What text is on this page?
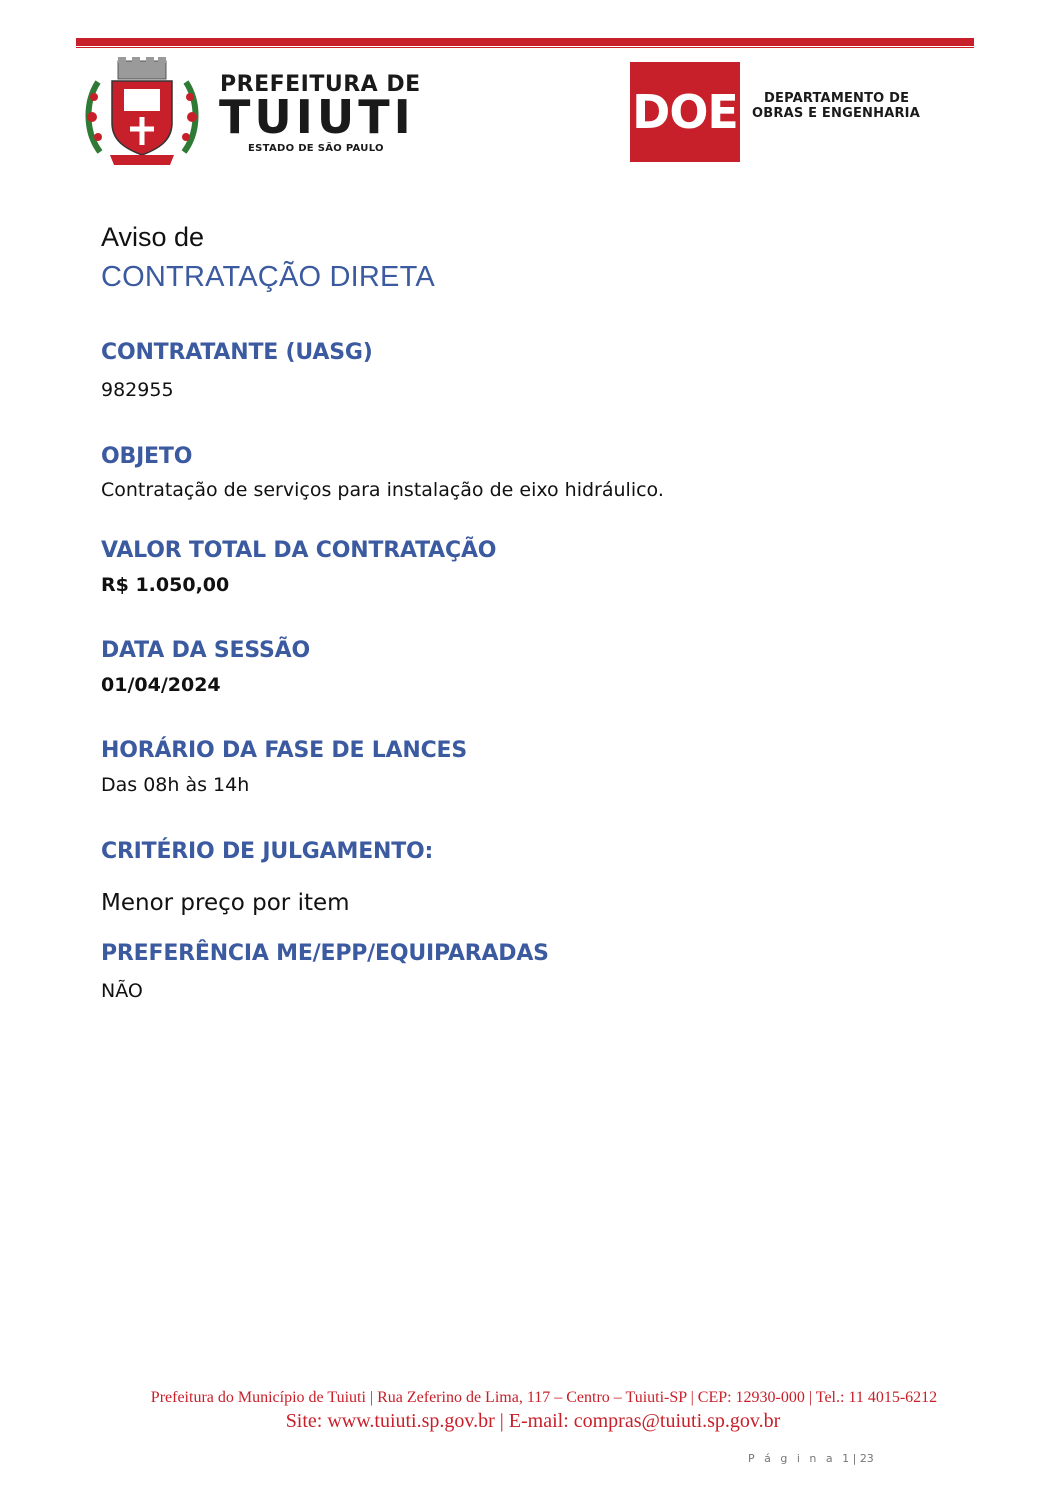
PREFEITURA DE
TUIUTI
ESTADO DE SÃO PAULO
DOE DEPARTAMENTO DE
OBRAS E ENGENHARIA
Aviso de
CONTRATAÇÃO DIRETA
CONTRATANTE (UASG)
982955
OBJETO
Contratação de serviços para instalação de eixo hidráulico.
VALOR TOTAL DA CONTRATAÇÃO
R$ 1.050,00
DATA DA SESSÃO
01/04/2024
HORÁRIO DA FASE DE LANCES
Das 08h às 14h
CRITÉRIO DE JULGAMENTO:
Menor preço por item
PREFERÊNCIA ME/EPP/EQUIPARADAS
NÃO
Prefeitura do Município de Tuiuti | Rua Zeferino de Lima, 117 – Centro – Tuiuti-SP | CEP: 12930-000 | Tel.: 11 4015-6212
Site: www.tuiuti.sp.gov.br | E-mail: compras@tuiuti.sp.gov.br
P á g i n a 1 | 23
